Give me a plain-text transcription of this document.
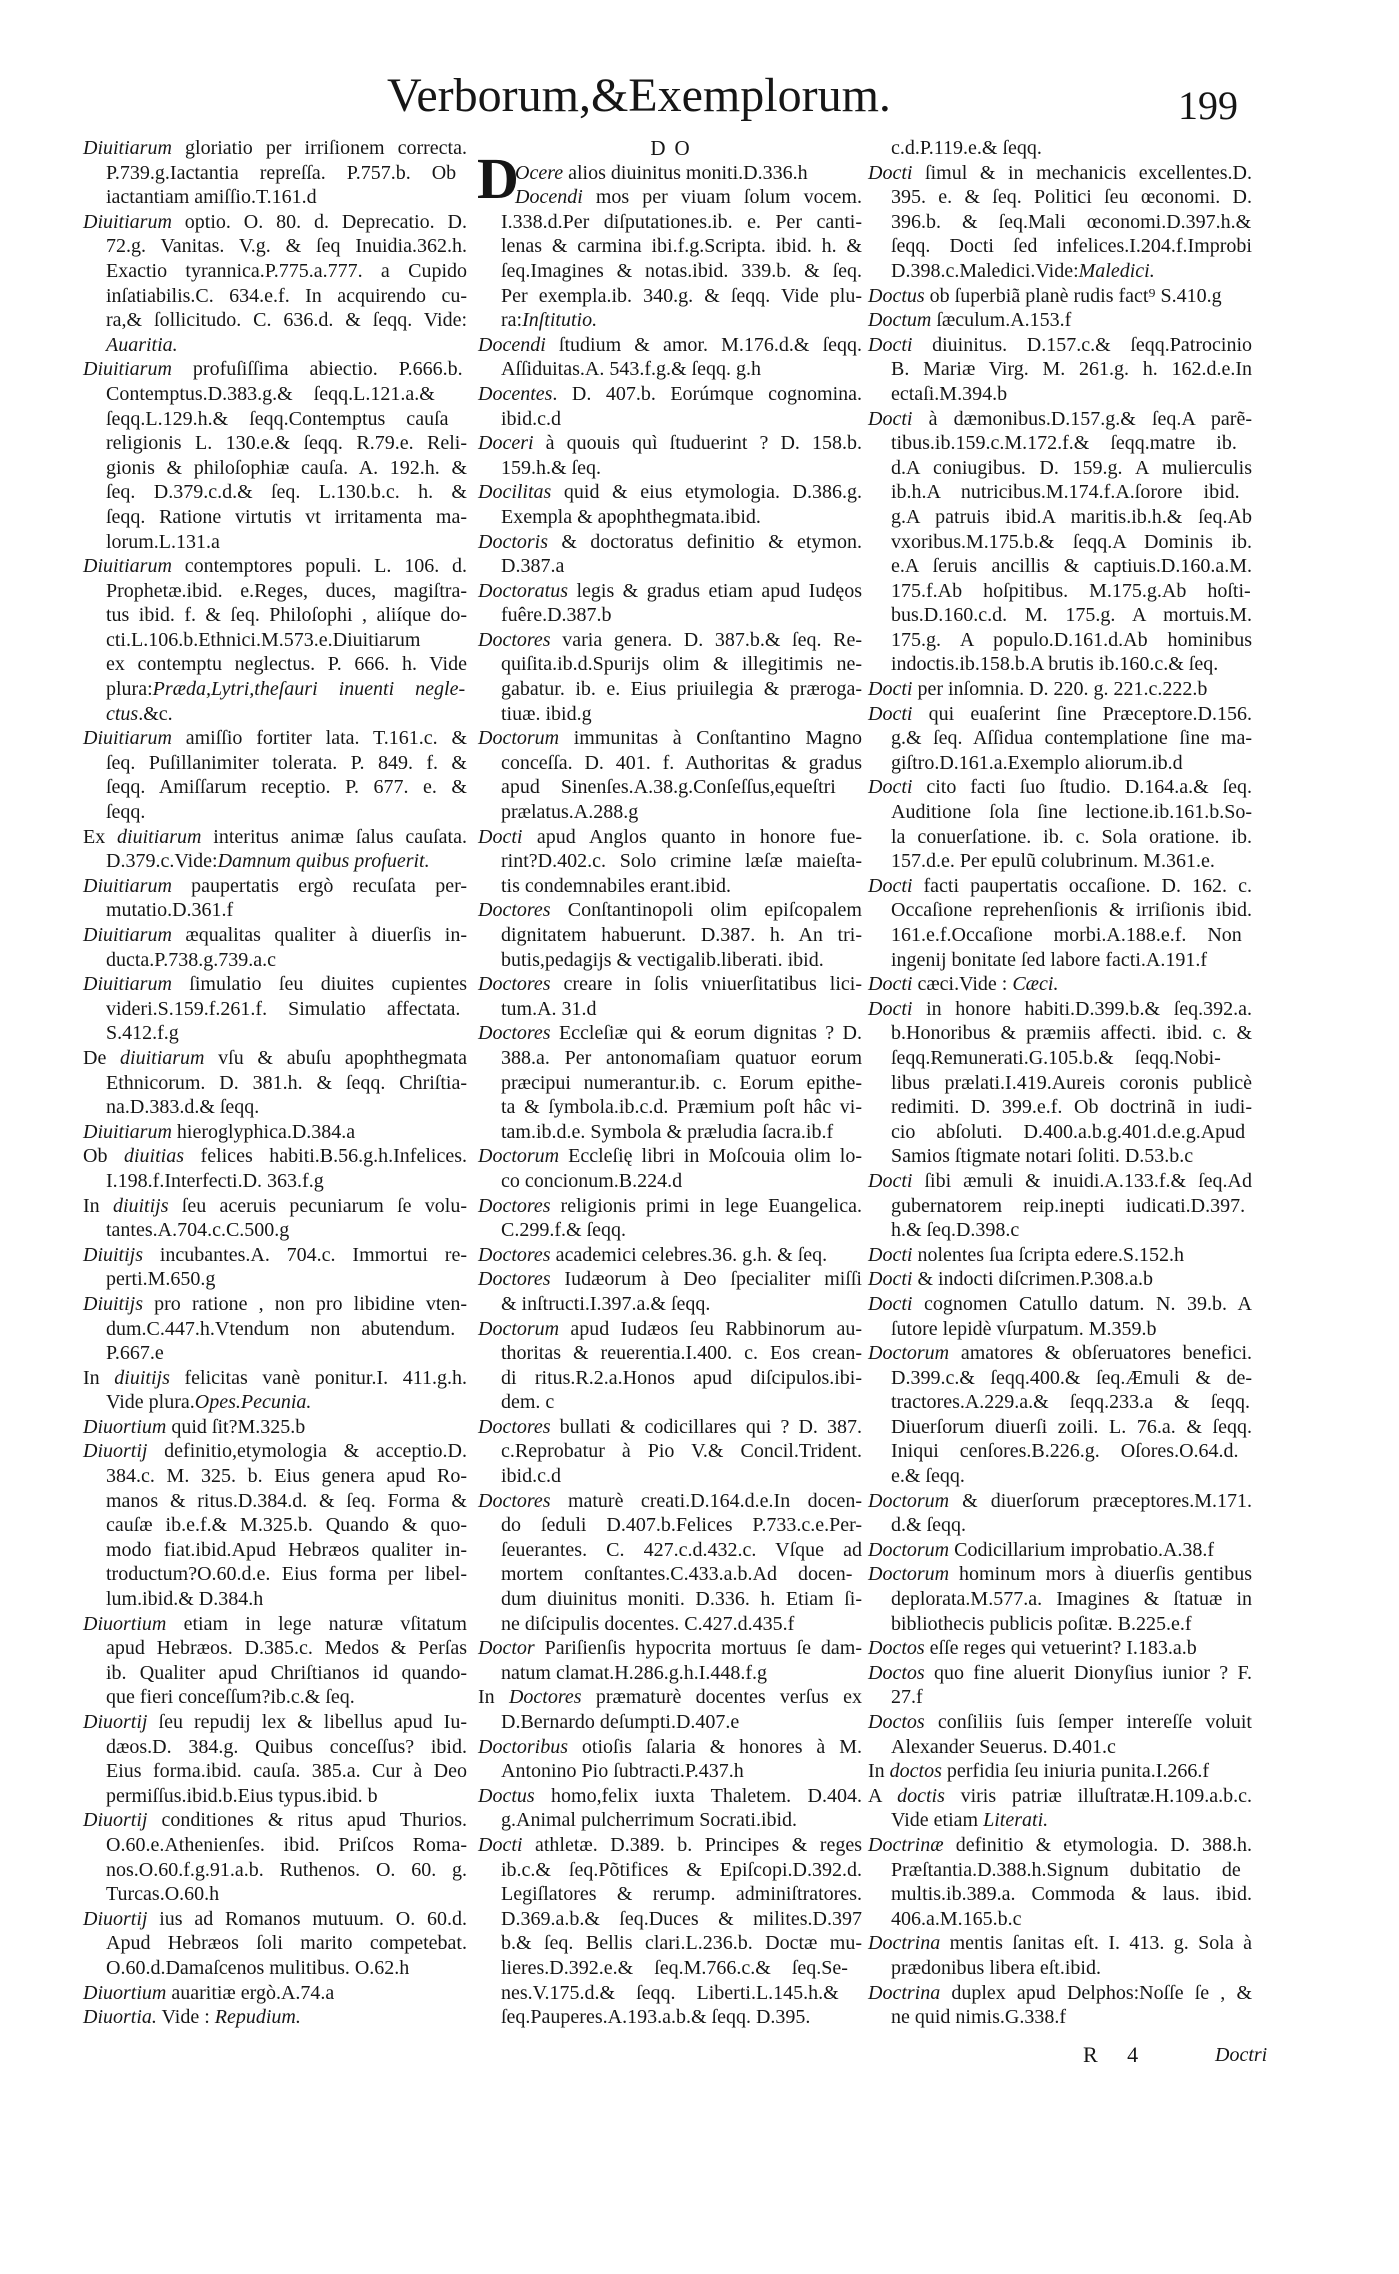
Verborum,&Exemplorum.	199
DO
D
Diuitiarum gloriatio per irriſionem correcta.
P.739.g.Iactantia repreſſa. P.757.b. Ob
iactantiam amiſſio.T.161.d
Diuitiarum optio. O. 80. d. Deprecatio. D.
72.g. Vanitas. V.g. & ſeq Inuidia.362.h.
Exactio tyrannica.P.775.a.777. a Cupido
inſatiabilis.C. 634.e.f. In acquirendo cu-
ra,& ſollicitudo. C. 636.d. & ſeqq. Vide:
Auaritia.
Diuitiarum profuſiſſima abiectio. P.666.b.
Contemptus.D.383.g.& ſeqq.L.121.a.&
ſeqq.L.129.h.& ſeqq.Contemptus cauſa
religionis L. 130.e.& ſeqq. R.79.e. Reli-
gionis & philoſophiæ cauſa. A. 192.h. &
ſeq. D.379.c.d.& ſeq. L.130.b.c. h. &
ſeqq. Ratione virtutis vt irritamenta ma-
lorum.L.131.a
Diuitiarum contemptores populi. L. 106. d.
Prophetæ.ibid. e.Reges, duces, magiſtra-
tus ibid. f. & ſeq. Philoſophi , aliíque do-
cti.L.106.b.Ethnici.M.573.e.Diuitiarum
ex contemptu neglectus. P. 666. h. Vide
plura:Præda,Lytri,theſauri inuenti negle-
ctus.&c.
Diuitiarum amiſſio fortiter lata. T.161.c. &
ſeq. Puſillanimiter tolerata. P. 849. f. &
ſeqq. Amiſſarum receptio. P. 677. e. &
ſeqq.
Ex diuitiarum interitus animæ ſalus cauſata.
D.379.c.Vide:Damnum quibus profuerit.
Diuitiarum paupertatis ergò recuſata per-
mutatio.D.361.f
Diuitiarum æqualitas qualiter à diuerſis in-
ducta.P.738.g.739.a.c
Diuitiarum ſimulatio ſeu diuites cupientes
videri.S.159.f.261.f. Simulatio affectata.
S.412.f.g
De diuitiarum vſu & abuſu apophthegmata
Ethnicorum. D. 381.h. & ſeqq. Chriſtia-
na.D.383.d.& ſeqq.
Diuitiarum hieroglyphica.D.384.a
Ob diuitias felices habiti.B.56.g.h.Infelices.
I.198.f.Interfecti.D. 363.f.g
In diuitijs ſeu aceruis pecuniarum ſe volu-
tantes.A.704.c.C.500.g
Diuitijs incubantes.A. 704.c. Immortui re-
perti.M.650.g
Diuitijs pro ratione , non pro libidine vten-
dum.C.447.h.Vtendum non abutendum.
P.667.e
In diuitijs felicitas vanè ponitur.I. 411.g.h.
Vide plura.Opes.Pecunia.
Diuortium quid ſit?M.325.b
Diuortij definitio,etymologia & acceptio.D.
384.c. M. 325. b. Eius genera apud Ro-
manos & ritus.D.384.d. & ſeq. Forma &
cauſæ ib.e.f.& M.325.b. Quando & quo-
modo fiat.ibid.Apud Hebræos qualiter in-
troductum?O.60.d.e. Eius forma per libel-
lum.ibid.& D.384.h
Diuortium etiam in lege naturæ vſitatum
apud Hebræos. D.385.c. Medos & Perſas
ib. Qualiter apud Chriſtianos id quando-
que fieri conceſſum?ib.c.& ſeq.
Diuortij ſeu repudij lex & libellus apud Iu-
dæos.D. 384.g. Quibus conceſſus? ibid.
Eius forma.ibid. cauſa. 385.a. Cur à Deo
permiſſus.ibid.b.Eius typus.ibid. b
Diuortij conditiones & ritus apud Thurios.
O.60.e.Athenienſes. ibid. Priſcos Roma-
nos.O.60.f.g.91.a.b. Ruthenos. O. 60. g.
Turcas.O.60.h
Diuortij ius ad Romanos mutuum. O. 60.d.
Apud Hebræos ſoli marito competebat.
O.60.d.Damaſcenos mulitibus. O.62.h
Diuortium auaritiæ ergò.A.74.a
Diuortia. Vide : Repudium.
Ocere alios diuinitus moniti.D.336.h
Docendi mos per viuam ſolum vocem.
I.338.d.Per diſputationes.ib. e. Per canti-
lenas & carmina ibi.f.g.Scripta. ibid. h. &
ſeq.Imagines & notas.ibid. 339.b. & ſeq.
Per exempla.ib. 340.g. & ſeqq. Vide plu-
ra:Inſtitutio.
Docendi ſtudium & amor. M.176.d.& ſeqq.
Aſſiduitas.A. 543.f.g.& ſeqq. g.h
Docentes. D. 407.b. Eorúmque cognomina.
ibid.c.d
Doceri à quouis quì ſtuduerint ? D. 158.b.
159.h.& ſeq.
Docilitas quid & eius etymologia. D.386.g.
Exempla & apophthegmata.ibid.
Doctoris & doctoratus definitio & etymon.
D.387.a
Doctoratus legis & gradus etiam apud Iudęos
fuêre.D.387.b
Doctores varia genera. D. 387.b.& ſeq. Re-
quiſita.ib.d.Spurijs olim & illegitimis ne-
gabatur. ib. e. Eius priuilegia & præroga-
tiuæ. ibid.g
Doctorum immunitas à Conſtantino Magno
conceſſa. D. 401. f. Authoritas & gradus
apud Sinenſes.A.38.g.Conſeſſus,equeſtri
prælatus.A.288.g
Docti apud Anglos quanto in honore fue-
rint?D.402.c. Solo crimine læſæ maieſta-
tis condemnabiles erant.ibid.
Doctores Conſtantinopoli olim epiſcopalem
dignitatem habuerunt. D.387. h. An tri-
butis,pedagijs & vectigalib.liberati. ibid.
Doctores creare in ſolis vniuerſitatibus lici-
tum.A. 31.d
Doctores Eccleſiæ qui & eorum dignitas ? D.
388.a. Per antonomaſiam quatuor eorum
præcipui numerantur.ib. c. Eorum epithe-
ta & ſymbola.ib.c.d. Præmium poſt hâc vi-
tam.ib.d.e. Symbola & præludia ſacra.ib.f
Doctorum Eccleſię libri in Moſcouia olim lo-
co concionum.B.224.d
Doctores religionis primi in lege Euangelica.
C.299.f.& ſeqq.
Doctores academici celebres.36. g.h. & ſeq.
Doctores Iudæorum à Deo ſpecialiter miſſi
& inſtructi.I.397.a.& ſeqq.
Doctorum apud Iudæos ſeu Rabbinorum au-
thoritas & reuerentia.I.400. c. Eos crean-
di ritus.R.2.a.Honos apud diſcipulos.ibi-
dem. c
Doctores bullati & codicillares qui ? D. 387.
c.Reprobatur à Pio V.& Concil.Trident.
ibid.c.d
Doctores maturè creati.D.164.d.e.In docen-
do ſeduli D.407.b.Felices P.733.c.e.Per-
ſeuerantes. C. 427.c.d.432.c. Vſque ad
mortem conſtantes.C.433.a.b.Ad docen-
dum diuinitus moniti. D.336. h. Etiam ſi-
ne diſcipulis docentes. C.427.d.435.f
Doctor Pariſienſis hypocrita mortuus ſe dam-
natum clamat.H.286.g.h.I.448.f.g
In Doctores præmaturè docentes verſus ex
D.Bernardo deſumpti.D.407.e
Doctoribus otioſis ſalaria & honores à M.
Antonino Pio ſubtracti.P.437.h
Doctus homo,felix iuxta Thaletem. D.404.
g.Animal pulcherrimum Socrati.ibid.
Docti athletæ. D.389. b. Principes & reges
ib.c.& ſeq.Põtifices & Epiſcopi.D.392.d.
Legiſlatores & rerump. adminiſtratores.
D.369.a.b.& ſeq.Duces & milites.D.397
b.& ſeq. Bellis clari.L.236.b. Doctæ mu-
lieres.D.392.e.& ſeq.M.766.c.& ſeq.Se-
nes.V.175.d.& ſeqq. Liberti.L.145.h.&
ſeq.Pauperes.A.193.a.b.& ſeqq. D.395.
c.d.P.119.e.& ſeqq.
Docti ſimul & in mechanicis excellentes.D.
395. e. & ſeq. Politici ſeu œconomi. D.
396.b. & ſeq.Mali œconomi.D.397.h.&
ſeqq. Docti ſed infelices.I.204.f.Improbi
D.398.c.Maledici.Vide:Maledici.
Doctus ob ſuperbiã planè rudis fact⁹ S.410.g
Doctum ſæculum.A.153.f
Docti diuinitus. D.157.c.& ſeqq.Patrocinio
B. Mariæ Virg. M. 261.g. h. 162.d.e.In
ectaſi.M.394.b
Docti à dæmonibus.D.157.g.& ſeq.A parẽ-
tibus.ib.159.c.M.172.f.& ſeqq.matre ib.
d.A coniugibus. D. 159.g. A mulierculis
ib.h.A nutricibus.M.174.f.A.ſorore ibid.
g.A patruis ibid.A maritis.ib.h.& ſeq.Ab
vxoribus.M.175.b.& ſeqq.A Dominis ib.
e.A ſeruis ancillis & captiuis.D.160.a.M.
175.f.Ab hoſpitibus. M.175.g.Ab hoſti-
bus.D.160.c.d. M. 175.g. A mortuis.M.
175.g. A populo.D.161.d.Ab hominibus
indoctis.ib.158.b.A brutis ib.160.c.& ſeq.
Docti per inſomnia. D. 220. g. 221.c.222.b
Docti qui euaſerint ſine Præceptore.D.156.
g.& ſeq. Aſſidua contemplatione ſine ma-
giſtro.D.161.a.Exemplo aliorum.ib.d
Docti cito facti ſuo ſtudio. D.164.a.& ſeq.
Auditione ſola ſine lectione.ib.161.b.So-
la conuerſatione. ib. c. Sola oratione. ib.
157.d.e. Per epulũ colubrinum. M.361.e.
Docti facti paupertatis occaſione. D. 162. c.
Occaſione reprehenſionis & irriſionis ibid.
161.e.f.Occaſione morbi.A.188.e.f. Non
ingenij bonitate ſed labore facti.A.191.f
Docti cæci.Vide : Cæci.
Docti in honore habiti.D.399.b.& ſeq.392.a.
b.Honoribus & præmiis affecti. ibid. c. &
ſeqq.Remunerati.G.105.b.& ſeqq.Nobi-
libus prælati.I.419.Aureis coronis publicè
redimiti. D. 399.e.f. Ob doctrinã in iudi-
cio abſoluti. D.400.a.b.g.401.d.e.g.Apud
Samios ſtigmate notari ſoliti. D.53.b.c
Docti ſibi æmuli & inuidi.A.133.f.& ſeq.Ad
gubernatorem reip.inepti iudicati.D.397.
h.& ſeq.D.398.c
Docti nolentes ſua ſcripta edere.S.152.h
Docti & indocti diſcrimen.P.308.a.b
Docti cognomen Catullo datum. N. 39.b. A
ſutore lepidè vſurpatum. M.359.b
Doctorum amatores & obſeruatores benefici.
D.399.c.& ſeqq.400.& ſeq.Æmuli & de-
tractores.A.229.a.& ſeqq.233.a & ſeqq.
Diuerſorum diuerſi zoili. L. 76.a. & ſeqq.
Iniqui cenſores.B.226.g. Oſores.O.64.d.
e.& ſeqq.
Doctorum & diuerſorum præceptores.M.171.
d.& ſeqq.
Doctorum Codicillarium improbatio.A.38.f
Doctorum hominum mors à diuerſis gentibus
deplorata.M.577.a. Imagines & ſtatuæ in
bibliothecis publicis poſitæ. B.225.e.f
Doctos eſſe reges qui vetuerint? I.183.a.b
Doctos quo fine aluerit Dionyſius iunior ? F.
27.f
Doctos conſiliis ſuis ſemper intereſſe voluit
Alexander Seuerus. D.401.c
In doctos perfidia ſeu iniuria punita.I.266.f
A doctis viris patriæ illuſtratæ.H.109.a.b.c.
Vide etiam Literati.
Doctrinæ definitio & etymologia. D. 388.h.
Præſtantia.D.388.h.Signum dubitatio de
multis.ib.389.a. Commoda & laus. ibid.
406.a.M.165.b.c
Doctrina mentis ſanitas eſt. I. 413. g. Sola à
prædonibus libera eſt.ibid.
Doctrina duplex apud Delphos:Noſſe ſe , &
ne quid nimis.G.338.f
R 4	Doctri
